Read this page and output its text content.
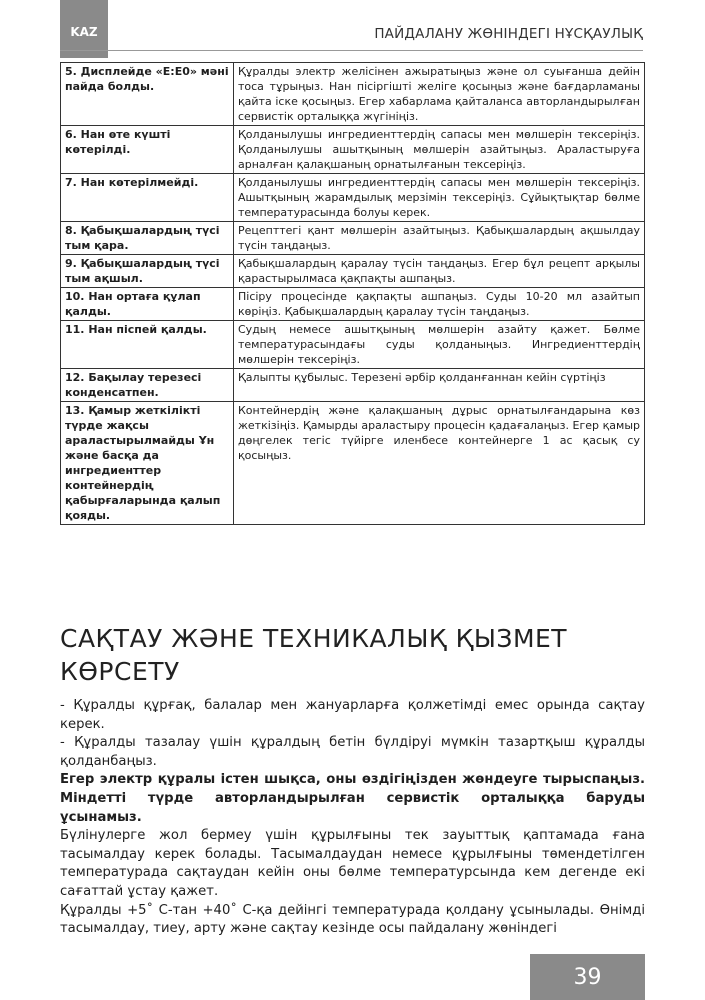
KAZ	ПАЙДАЛАНУ ЖӨНІНДЕГІ НҰСҚАУЛЫҚ
5. Дисплейде «E:E0» мәні пайда болды.	Құралды электр желісінен ажыратыңыз және ол суығанша дейін тоса тұрыңыз. Нан пісіргішті желіге қосыңыз және бағдарламаны қайта іске қосыңыз. Егер хабарлама қайталанса авторландырылған сервистік орталыққа жүгініңіз.
6. Нан өте күшті көтерілді.	Қолданылушы ингредиенттердің сапасы мен мөлшерін тексеріңіз. Қолданылушы ашытқының мөлшерін азайтыңыз. Араластыруға арналған қалақшаның орнатылғанын тексеріңіз.
7. Нан көтерілмейді.	Қолданылушы ингредиенттердің сапасы мен мөлшерін тексеріңіз. Ашытқының жарамдылық мерзімін тексеріңіз. Сұйықтықтар бөлме температурасында болуы керек.
8. Қабықшалардың түсі тым қара.	Рецепттегі қант мөлшерін азайтыңыз. Қабықшалардың ақшылдау түсін таңдаңыз.
9. Қабықшалардың түсі тым ақшыл.	Қабықшалардың қаралау түсін таңдаңыз. Егер бұл рецепт арқылы қарастырылмаса қақпақты ашпаңыз.
10. Нан ортаға құлап қалды.	Пісіру процесінде қақпақты ашпаңыз. Суды 10-20 мл азайтып көріңіз. Қабықшалардың қаралау түсін таңдаңыз.
11. Нан піспей қалды.	Судың немесе ашытқының мөлшерін азайту қажет. Бөлме температурасындағы суды қолданыңыз. Ингредиенттердің мөлшерін тексеріңіз.
12. Бақылау терезесі конденсатпен.	Қалыпты құбылыс. Терезені әрбір қолданғаннан кейін сүртіңіз
13. Қамыр жеткілікті түрде жақсы араластырылмайды Ұн және басқа да ингредиенттер контейнердің қабырғаларында қалып қояды.	Контейнердің және қалақшаның дұрыс орнатылғандарына көз жеткізіңіз. Қамырды араластыру процесін қадағалаңыз. Егер қамыр дөңгелек тегіс түйірге иленбесе контейнерге 1 ас қасық су қосыңыз.
САҚТАУ ЖӘНЕ ТЕХНИКАЛЫҚ ҚЫЗМЕТ КӨРСЕТУ

- Құралды құрғақ, балалар мен жануарларға қолжетімді емес орында сақтау керек.

- Құралды тазалау үшін құралдың бетін бүлдіруі мүмкін тазартқыш құралды қолданбаңыз.

Егер электр құралы істен шықса, оны өздігіңізден жөндеуге тырыспаңыз. Міндетті түрде авторландырылған сервистік орталыққа баруды ұсынамыз.

Бүлінулерге жол бермеу үшін құрылғыны тек зауыттық қаптамада ғана тасымалдау керек болады. Тасымалдаудан немесе құрылғыны төмендетілген температурада сақтаудан кейін оны бөлме температурсында кем дегенде екі сағаттай ұстау қажет.

Құралды +5˚ С-тан +40˚ С-қа дейінгі температурада қолдану ұсынылады. Өнімді тасымалдау, тиеу, арту және сақтау кезінде осы пайдалану жөніндегі

39
